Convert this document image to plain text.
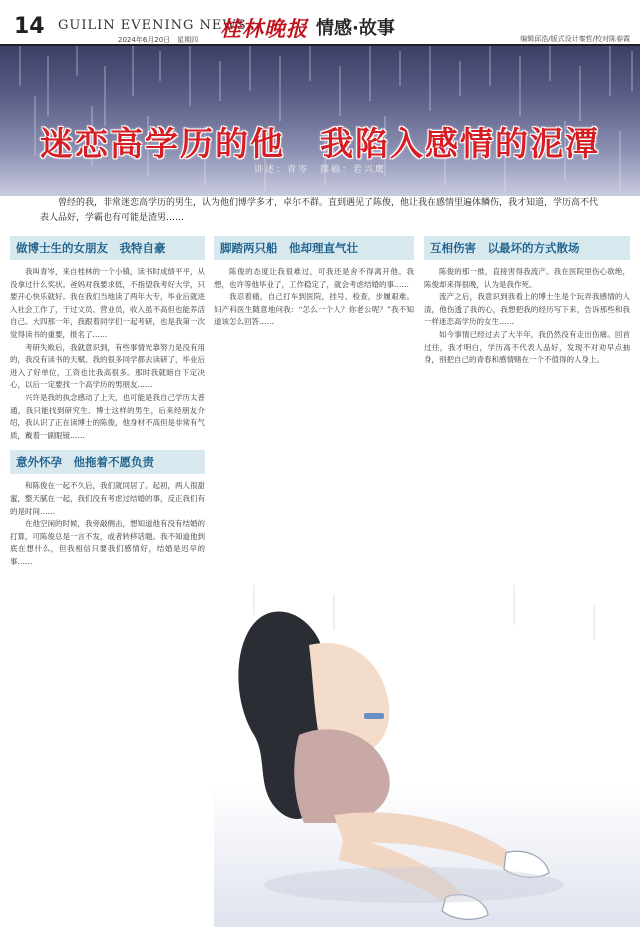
14 GUILIN EVENING NEWS
2024年6月20日　星期四 桂林晚报 情感·故事	编辑邱浩/版式设计秦哲/校对陈春霞
迷恋高学历的他　我陷入感情的泥潭
讲述：青岑　撰稿：若兴鹰
曾经的我，非常迷恋高学历的男生，认为他们博学多才，卓尔不群。直到遇见了陈俊，他让我在感情里遍体鳞伤，我才知道，学历高不代表人品好，学霸也有可能是渣男……
做博士生的女朋友　我特自豪

我叫青岑，来自桂林的一个小镇，读书时成绩平平，从没拿过什么奖状。爸妈对我要求低，不指望我考好大学，只要开心快乐就好。我在我们当地读了两年大专，毕业后就进入社会工作了，干过文员、营业员，收入虽不高但也能养活自己。大四那一年，我跟着同学们一起考研，也是我第一次觉得读书的重要，报名了……

考研失败后，我就意识到，有些事情光靠努力是没有用的，我没有读书的天赋。我的很多同学都去读研了，毕业后进入了好单位，工资也比我高很多。那时我就暗自下定决心，以后一定要找一个高学历的男朋友……

兴许是我的执念感动了上天，也可能是我自己学历太普通，我只能找到研究生、博士这样的男生，后来经朋友介绍，我认识了正在读博士的陈俊，他身材不高但是非常有气质，戴着一副眼镜……

意外怀孕　他拖着不愿负责

和陈俊在一起不久后，我们就同居了。起初，两人很甜蜜，整天腻在一起，我们没有考虑过结婚的事，反正我们有的是时间……

在他空闲的时候，我旁敲侧击，想知道他有没有结婚的打算，可陈俊总是一言不发，或者转移话题。我不知道他到底在想什么，但我相信只要我们感情好，结婚是迟早的事……

脚踏两只船　他却理直气壮

陈俊的态度让我很难过，可我还是舍不得离开他。我想，也许等他毕业了，工作稳定了，就会考虑结婚的事……

我忍着痛，自己打车到医院，挂号、检查，步履艰难。妇产科医生随意地问我：“怎么一个人？你老公呢？”我不知道该怎么回答……

互相伤害　以最坏的方式散场

陈俊的那一推，直接害得我流产。我在医院里伤心欲绝，陈俊却来得很晚，认为是我作死。

流产之后，我意识到我看上的博士生是个玩弄我感情的人渣，他伤透了我的心，我想把我的经历写下来，告诉那些和我一样迷恋高学历的女生……

如今事情已经过去了大半年，我仍然没有走出伤痛。回首过往，我才明白，学历高不代表人品好，发现不对劝早点抽身，别把自己的青春和感情赌在一个不值得的人身上。
